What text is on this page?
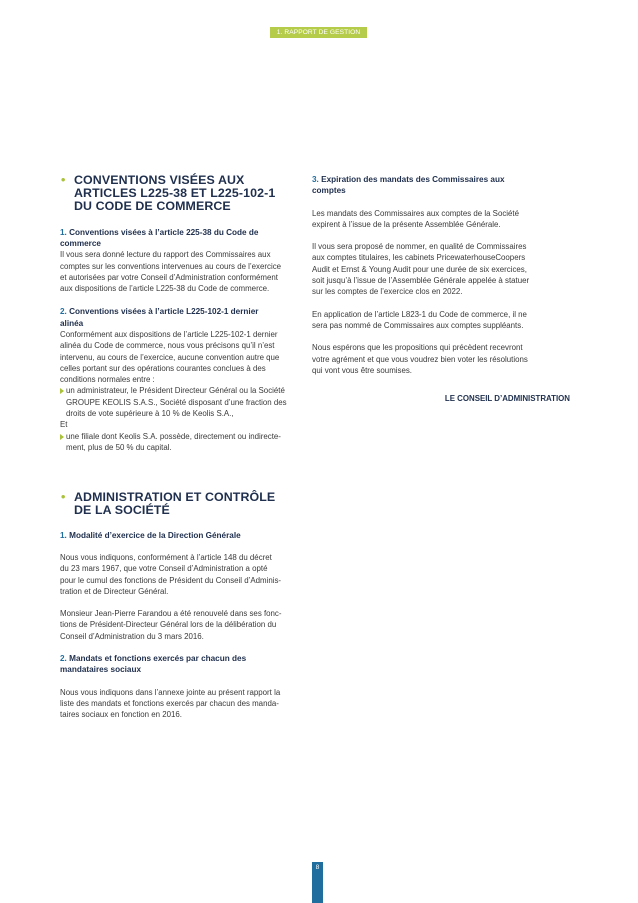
1. RAPPORT DE GESTION
• CONVENTIONS VISÉES AUX
ARTICLES L225-38 ET L225-102-1
DU CODE DE COMMERCE
1. Conventions visées à l’article 225-38 du Code de
commerce
Il vous sera donné lecture du rapport des Commissaires aux
comptes sur les conventions intervenues au cours de l’exercice
et autorisées par votre Conseil d’Administration conformément
aux dispositions de l’article L225-38 du Code de commerce.
2. Conventions visées à l’article L225-102-1 dernier
alinéa
Conformément aux dispositions de l’article L225-102-1 dernier
alinéa du Code de commerce, nous vous précisons qu’il n’est
intervenu, au cours de l’exercice, aucune convention autre que
celles portant sur des opérations courantes conclues à des
conditions normales entre :
un administrateur, le Président Directeur Général ou la Société
GROUPE KEOLIS S.A.S., Société disposant d’une fraction des
droits de vote supérieure à 10 % de Keolis S.A.,
Et
une filiale dont Keolis S.A. possède, directement ou indirecte-
ment, plus de 50 % du capital.
• ADMINISTRATION ET CONTRÔLE
DE LA SOCIÉTÉ
1. Modalité d’exercice de la Direction Générale
Nous vous indiquons, conformément à l’article 148 du décret
du 23 mars 1967, que votre Conseil d’Administration a opté
pour le cumul des fonctions de Président du Conseil d’Adminis-
tration et de Directeur Général.
Monsieur Jean-Pierre Farandou a été renouvelé dans ses fonc-
tions de Président-Directeur Général lors de la délibération du
Conseil d’Administration du 3 mars 2016.
2. Mandats et fonctions exercés par chacun des
mandataires sociaux
Nous vous indiquons dans l’annexe jointe au présent rapport la
liste des mandats et fonctions exercés par chacun des manda-
taires sociaux en fonction en 2016.
3. Expiration des mandats des Commissaires aux
comptes
Les mandats des Commissaires aux comptes de la Société
expirent à l’issue de la présente Assemblée Générale.
Il vous sera proposé de nommer, en qualité de Commissaires
aux comptes titulaires, les cabinets PricewaterhouseCoopers
Audit et Ernst & Young Audit pour une durée de six exercices,
soit jusqu’à l’issue de l’Assemblée Générale appelée à statuer
sur les comptes de l’exercice clos en 2022.
En application de l’article L823-1 du Code de commerce, il ne
sera pas nommé de Commissaires aux comptes suppléants.
Nous espérons que les propositions qui précèdent recevront
votre agrément et que vous voudrez bien voter les résolutions
qui vont vous être soumises.
LE CONSEIL D’ADMINISTRATION
8
